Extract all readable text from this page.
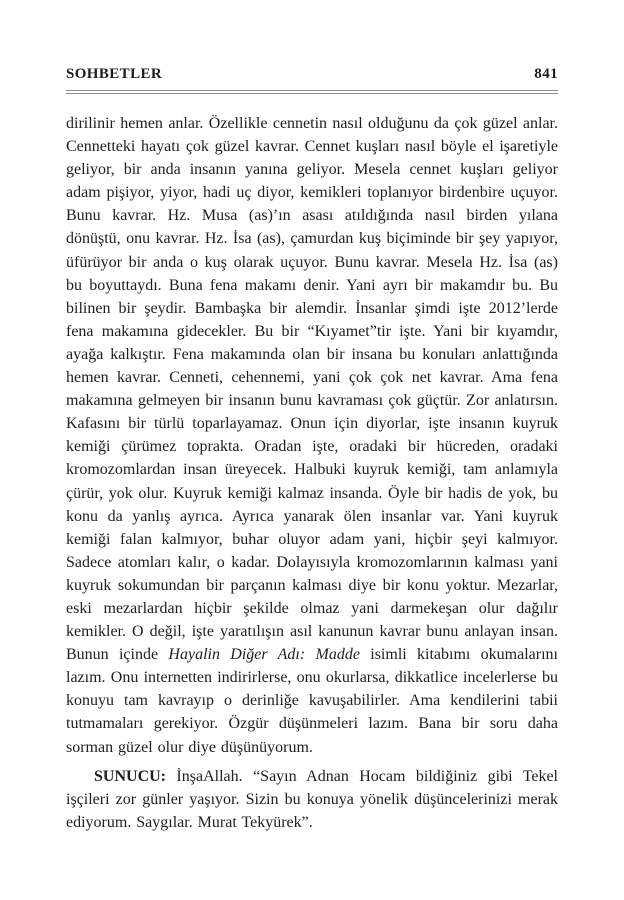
SOHBETLER	841

dirilinir hemen anlar. Özellikle cennetin nasıl olduğunu da çok güzel anlar. Cennetteki hayatı çok güzel kavrar. Cennet kuşları nasıl böyle el işaretiyle geliyor, bir anda insanın yanına geliyor. Mesela cennet kuşları geliyor adam pişiyor, yiyor, hadi uç diyor, kemikleri toplanıyor birdenbire uçuyor. Bunu kavrar. Hz. Musa (as)’ın asası atıldığında nasıl birden yılana dönüştü, onu kavrar. Hz. İsa (as), çamurdan kuş biçiminde bir şey yapıyor, üfürüyor bir anda o kuş olarak uçuyor. Bunu kavrar. Mesela Hz. İsa (as) bu boyuttaydı. Buna fena makamı denir. Yani ayrı bir makamdır bu. Bu bilinen bir şeydir. Bambaşka bir alemdir. İnsanlar şimdi işte 2012’lerde fena makamına gidecekler. Bu bir “Kıyamet”tir işte. Yani bir kıyamdır, ayağa kalkıştır. Fena makamında olan bir insana bu konuları anlattığında hemen kavrar. Cenneti, cehennemi, yani çok çok net kavrar. Ama fena makamına gelmeyen bir insanın bunu kavraması çok güçtür. Zor anlatırsın. Kafasını bir türlü toparlayamaz. Onun için diyorlar, işte insanın kuyruk kemiği çürümez toprakta. Oradan işte, oradaki bir hücreden, oradaki kromozomlardan insan üreyecek. Halbuki kuyruk kemiği, tam anlamıyla çürür, yok olur. Kuyruk kemiği kalmaz insanda. Öyle bir hadis de yok, bu konu da yanlış ayrıca. Ayrıca yanarak ölen insanlar var. Yani kuyruk kemiği falan kalmıyor, buhar oluyor adam yani, hiçbir şeyi kalmıyor. Sadece atomları kalır, o kadar. Dolayısıyla kromozomlarının kalması yani kuyruk sokumundan bir parçanın kalması diye bir konu yoktur. Mezarlar, eski mezarlardan hiçbir şekilde olmaz yani darmekeşan olur dağılır kemikler. O değil, işte yaratılışın asıl kanunun kavrar bunu anlayan insan. Bunun içinde Hayalin Diğer Adı: Madde isimli kitabımı okumalarını lazım. Onu internetten indirirlerse, onu okurlarsa, dikkatlice incelerlerse bu konuyu tam kavrayıp o derinliğe kavuşabilirler. Ama kendilerini tabii tutmamaları gerekiyor. Özgür düşünmeleri lazım. Bana bir soru daha sorman güzel olur diye düşünüyorum.

SUNUCU: İnşaAllah. “Sayın Adnan Hocam bildiğiniz gibi Tekel işçileri zor günler yaşıyor. Sizin bu konuya yönelik düşüncelerinizi merak ediyorum. Saygılar. Murat Tekyürek”.
